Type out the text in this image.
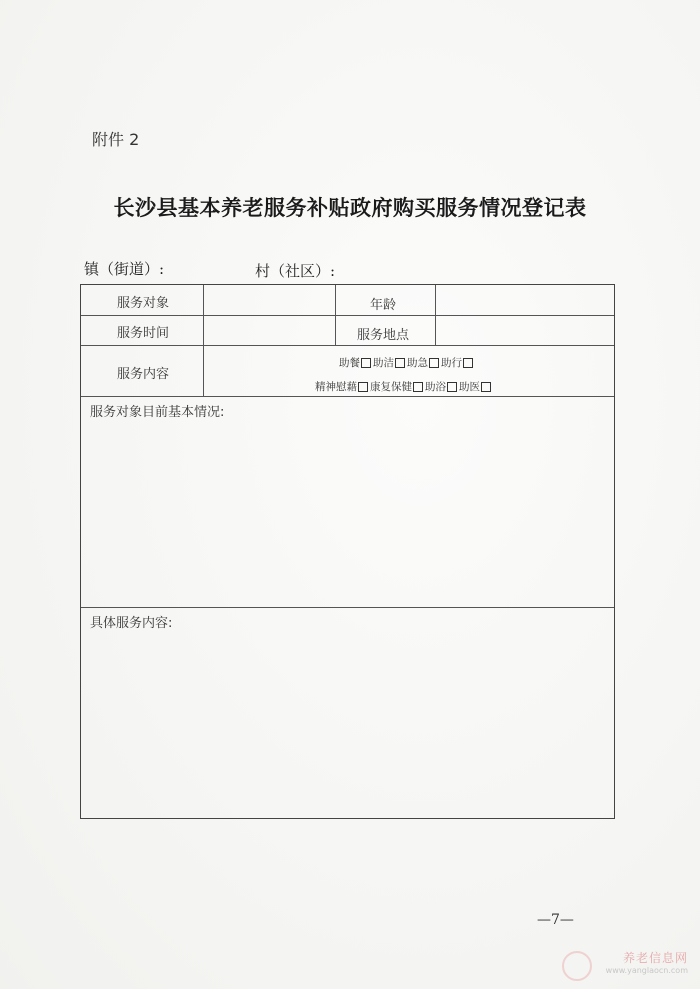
附件 2
长沙县基本养老服务补贴政府购买服务情况登记表
镇（街道）:	村（社区）:
服务对象	年龄
服务时间	服务地点
服务内容
助餐 助洁 助急 助行
精神慰藉 康复保健 助浴 助医
服务对象目前基本情况:
具体服务内容:
—7—
养老信息网
www.yanglaocn.com
